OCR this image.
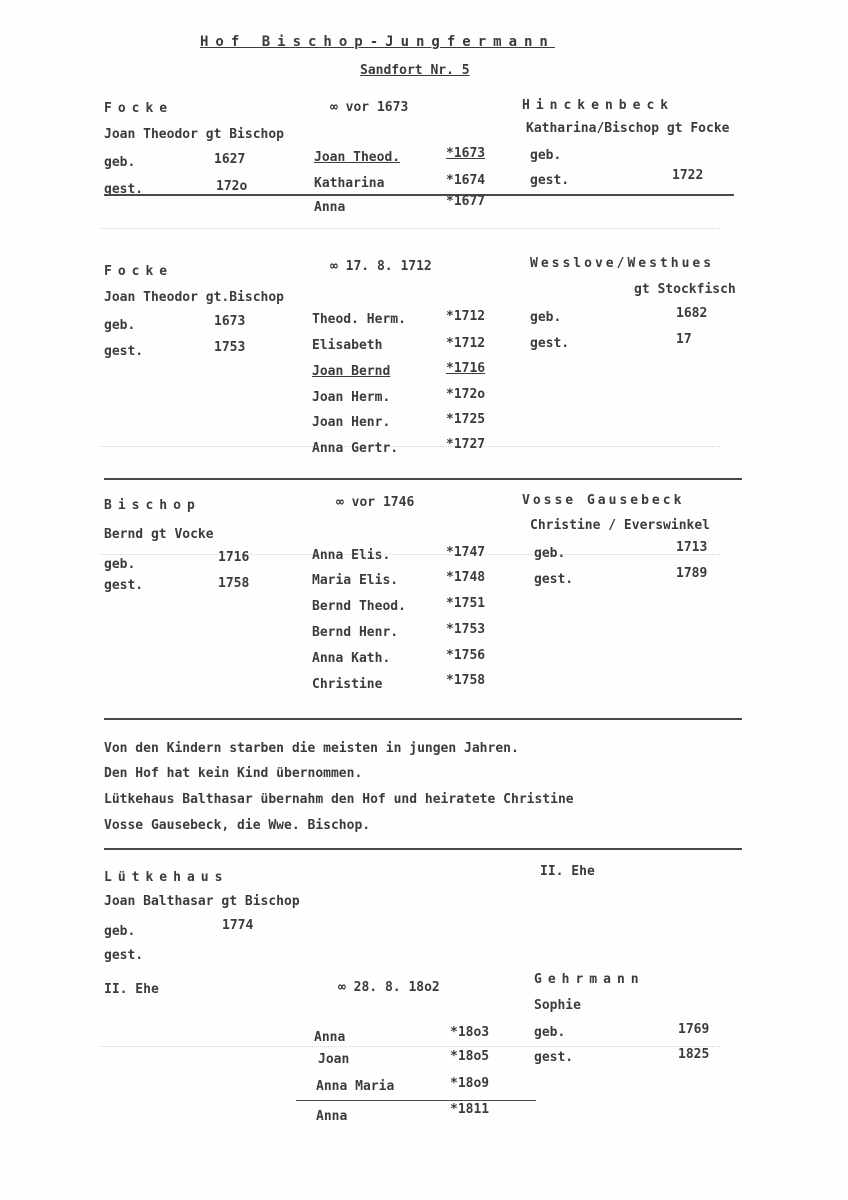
Hof Bischop-Jungfermann
Sandfort Nr. 5
Focke	∞ vor 1673	Hinckenbeck
Joan Theodor gt Bischop	Katharina/Bischop gt Focke
geb.	1627	Joan Theod.	*1673	geb.
gest.	172o	Katharina	*1674	gest.	1722
Anna	*1677
Focke	∞ 17. 8. 1712	Wesslove/Westhues
gt Stockfisch
Joan Theodor gt.Bischop
geb.	1673	Theod. Herm.	*1712	geb.	1682
gest.	1753	Elisabeth	*1712	gest.	17
Joan Bernd	*1716
Joan Herm.	*172o
Joan Henr.	*1725
Anna Gertr.	*1727
Bischop	∞ vor 1746	Vosse Gausebeck
Bernd gt Vocke
Christine / Everswinkel
geb.	1716	Anna Elis.	*1747	geb.	1713
gest.	1758	Maria Elis.	*1748	gest.	1789
Bernd Theod.	*1751
Bernd Henr.	*1753
Anna Kath.	*1756
Christine	*1758
Von den Kindern starben die meisten in jungen Jahren.
Den Hof hat kein Kind übernommen.
Lütkehaus Balthasar übernahm den Hof und heiratete Christine
Vosse Gausebeck, die Wwe. Bischop.
Lütkehaus	II. Ehe
Joan Balthasar gt Bischop
geb.	1774
gest.
II. Ehe	∞ 28. 8. 18o2
Gehrmann
Sophie
Anna	*18o3	geb.	1769
Joan	*18o5	gest.	1825
Anna Maria	*18o9
Anna	*1811
